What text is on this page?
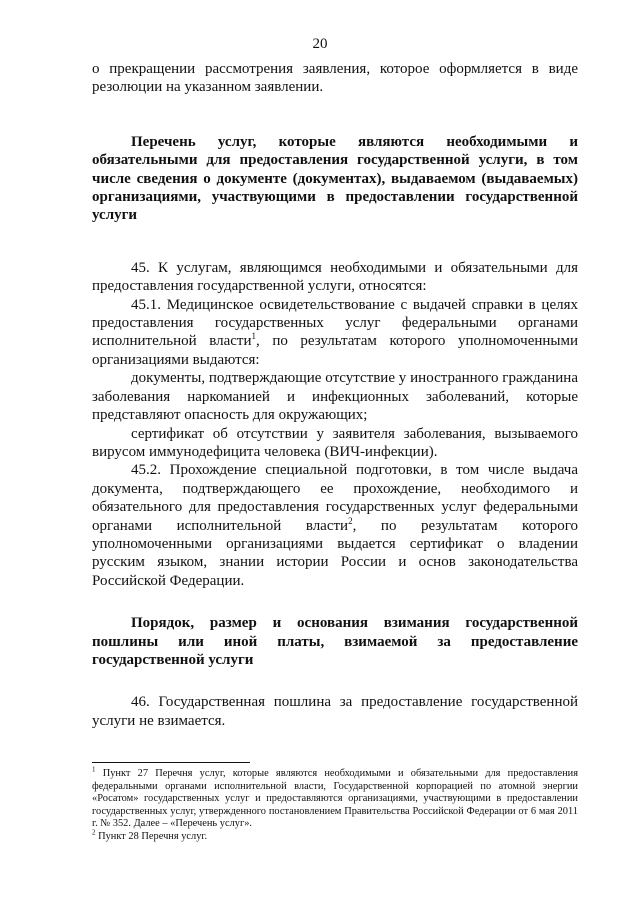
20

о прекращении рассмотрения заявления, которое оформляется в виде резолюции на указанном заявлении.

Перечень услуг, которые являются необходимыми и обязательными для предоставления государственной услуги, в том числе сведения о документе (документах), выдаваемом (выдаваемых) организациями, участвующими в предоставлении государственной услуги

45. К услугам, являющимся необходимыми и обязательными для предоставления государственной услуги, относятся:

45.1. Медицинское освидетельствование с выдачей справки в целях предоставления государственных услуг федеральными органами исполнительной власти$^1$, по результатам которого уполномоченными организациями выдаются:

документы, подтверждающие отсутствие у иностранного гражданина заболевания наркоманией и инфекционных заболеваний, которые представляют опасность для окружающих;

сертификат об отсутствии у заявителя заболевания, вызываемого вирусом иммунодефицита человека (ВИЧ-инфекции).

45.2. Прохождение специальной подготовки, в том числе выдача документа, подтверждающего ее прохождение, необходимого и обязательного для предоставления государственных услуг федеральными органами исполнительной власти$^2$, по результатам которого уполномоченными организациями выдается сертификат о владении русским языком, знании истории России и основ законодательства Российской Федерации.

Порядок, размер и основания взимания государственной пошлины или иной платы, взимаемой за предоставление государственной услуги

46. Государственная пошлина за предоставление государственной услуги не взимается.

$^1$ Пункт 27 Перечня услуг, которые являются необходимыми и обязательными для предоставления федеральными органами исполнительной власти, Государственной корпорацией по атомной энергии «Росатом» государственных услуг и предоставляются организациями, участвующими в предоставлении государственных услуг, утвержденного постановлением Правительства Российской Федерации от 6 мая 2011 г. № 352. Далее – «Перечень услуг».

$^2$ Пункт 28 Перечня услуг.
